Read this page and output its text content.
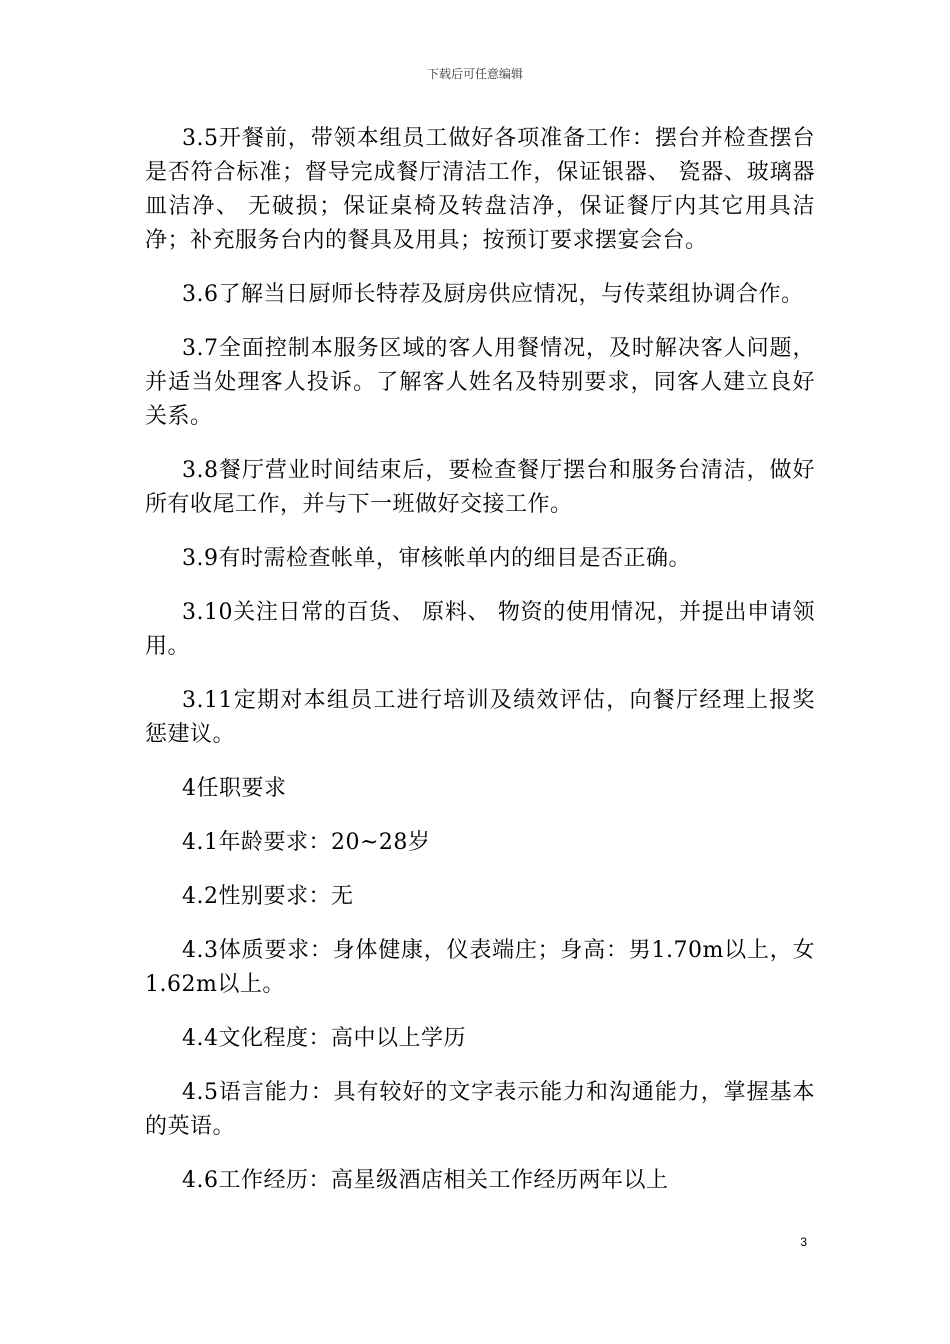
下载后可任意编辑

3.5开餐前，带领本组员工做好各项准备工作：摆台并检查摆台是否符合标准；督导完成餐厅清洁工作，保证银器、 瓷器、玻璃器皿洁净、 无破损；保证桌椅及转盘洁净，保证餐厅内其它用具洁净；补充服务台内的餐具及用具；按预订要求摆宴会台。

3.6了解当日厨师长特荐及厨房供应情况，与传菜组协调合作。

3.7全面控制本服务区域的客人用餐情况，及时解决客人问题，并适当处理客人投诉。了解客人姓名及特别要求，同客人建立良好关系。

3.8餐厅营业时间结束后，要检查餐厅摆台和服务台清洁，做好所有收尾工作，并与下一班做好交接工作。

3.9有时需检查帐单，审核帐单内的细目是否正确。

3.10关注日常的百货、 原料、 物资的使用情况，并提出申请领用。

3.11定期对本组员工进行培训及绩效评估，向餐厅经理上报奖惩建议。

4任职要求

4.1年龄要求：20~28岁

4.2性别要求：无

4.3体质要求：身体健康，仪表端庄；身高：男1.70m以上，女1.62m以上。

4.4文化程度：高中以上学历

4.5语言能力：具有较好的文字表示能力和沟通能力，掌握基本的英语。

4.6工作经历：高星级酒店相关工作经历两年以上

3
